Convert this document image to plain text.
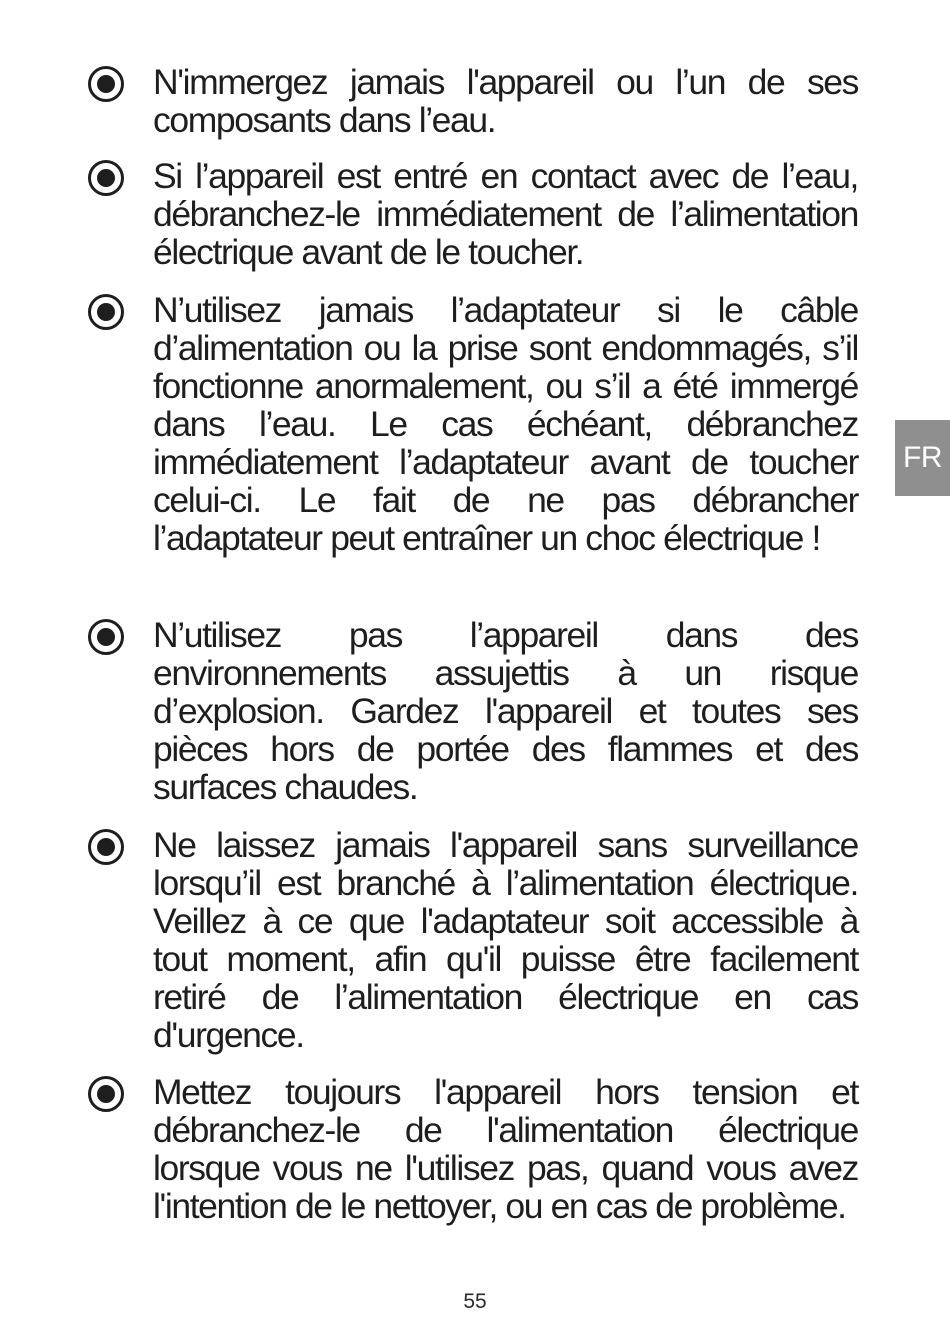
N'immergez jamais l'appareil ou l’un de ses composants dans l’eau.
Si l’appareil est entré en contact avec de l’eau, débranchez-le immédiatement de l’alimentation électrique avant de le toucher.
N’utilisez jamais l’adaptateur si le câble d’alimentation ou la prise sont endommagés, s’il fonctionne anormalement, ou s’il a été immergé dans l’eau. Le cas échéant, débranchez immédiatement l’adaptateur avant de toucher celui-ci. Le fait de ne pas débrancher l’adaptateur peut entraîner un choc électrique !
N’utilisez pas l’appareil dans des environnements assujettis à un risque d’explosion. Gardez l'appareil et toutes ses pièces hors de portée des flammes et des surfaces chaudes.
Ne laissez jamais l'appareil sans surveillance lorsqu’il est branché à l’alimentation électrique. Veillez à ce que l'adaptateur soit accessible à tout moment, afin qu'il puisse être facilement retiré de l’alimentation électrique en cas d'urgence.
Mettez toujours l'appareil hors tension et débranchez-le de l'alimentation électrique lorsque vous ne l'utilisez pas, quand vous avez l'intention de le nettoyer, ou en cas de problème.
FR
55
